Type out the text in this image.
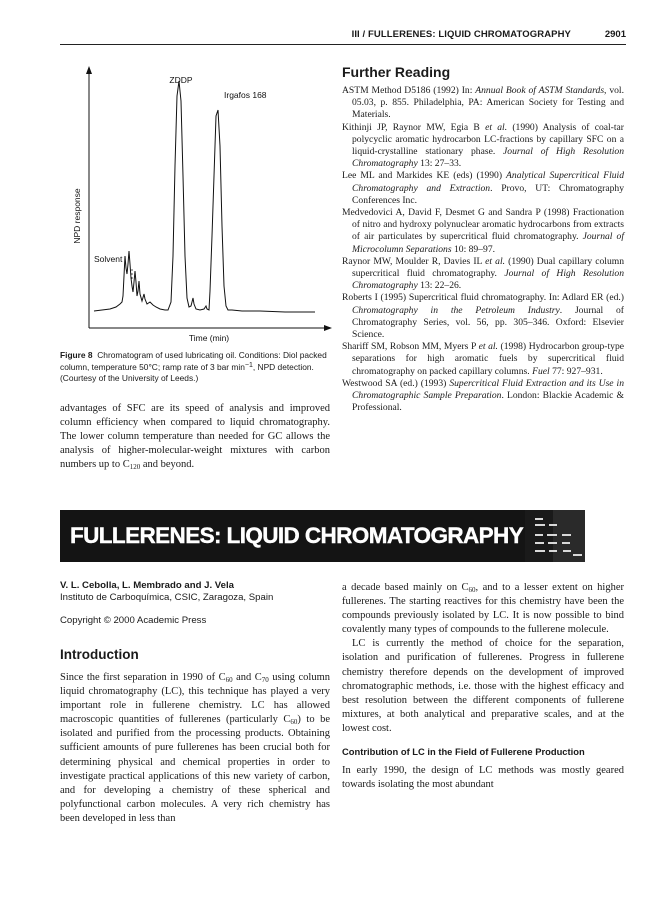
III / FULLERENES: LIQUID CHROMATOGRAPHY	2901
ZDDP
Irgafos 168
Solvent
Time (min)
NPD response
Figure 8 Chromatogram of used lubricating oil. Conditions: Diol packed column, temperature 50°C; ramp rate of 3 bar $\min^{-1}$, NPD detection. (Courtesy of the University of Leeds.)

advantages of SFC are its speed of analysis and improved column efficiency when compared to liquid chromatography. The lower column temperature than needed for GC allows the analysis of higher-molecular-weight mixtures with carbon numbers up to $C_{120}$ and beyond.

Further Reading
ASTM Method D5186 (1992) In: Annual Book of ASTM Standards, vol. 05.03, p. 855. Philadelphia, PA: American Society for Testing and Materials.
Kithinji JP, Raynor MW, Egia B et al. (1990) Analysis of coal-tar polycyclic aromatic hydrocarbon LC-fractions by capillary SFC on a liquid-crystalline stationary phase. Journal of High Resolution Chromatography 13: 27–33.
Lee ML and Markides KE (eds) (1990) Analytical Supercritical Fluid Chromatography and Extraction. Provo, UT: Chromatography Conferences Inc.
Medvedovici A, David F, Desmet G and Sandra P (1998) Fractionation of nitro and hydroxy polynuclear aromatic hydrocarbons from extracts of air particulates by supercritical fluid chromatography. Journal of Microcolumn Separations 10: 89–97.
Raynor MW, Moulder R, Davies IL et al. (1990) Dual capillary column supercritical fluid chromatography. Journal of High Resolution Chromatography 13: 22–26.
Roberts I (1995) Supercritical fluid chromatography. In: Adlard ER (ed.) Chromatography in the Petroleum Industry. Journal of Chromatography Series, vol. 56, pp. 305–346. Oxford: Elsevier Science.
Shariff SM, Robson MM, Myers P et al. (1998) Hydrocarbon group-type separations for high aromatic fuels by supercritical fluid chromatography on packed capillary columns. Fuel 77: 927–931.
Westwood SA (ed.) (1993) Supercritical Fluid Extraction and its Use in Chromatographic Sample Preparation. London: Blackie Academic & Professional.
FULLERENES: LIQUID CHROMATOGRAPHY
V. L. Cebolla, L. Membrado and J. Vela
Instituto de Carboquímica, CSIC, Zaragoza, Spain
Copyright © 2000 Academic Press
Introduction

Since the first separation in 1990 of $C_{60}$ and $C_{70}$ using column liquid chromatography (LC), this technique has played a very important role in fullerene chemistry. LC has allowed macroscopic quantities of fullerenes (particularly $C_{60}$) to be isolated and purified from the processing products. Obtaining sufficient amounts of pure fullerenes has been crucial both for determining physical and chemical properties in order to investigate practical applications of this new variety of carbon, and for developing a chemistry of these spherical and polyfunctional carbon molecules. A very rich chemistry has been developed in less than

a decade based mainly on $C_{60}$, and to a lesser extent on higher fullerenes. The starting reactives for this chemistry have been the compounds previously isolated by LC. It is now possible to bind covalently many types of compounds to the fullerene molecule.

LC is currently the method of choice for the separation, isolation and purification of fullerenes. Progress in fullerene chemistry therefore depends on the development of improved chromatographic methods, i.e. those with the highest efficacy and best resolution between the different components of fullerene mixtures, at both analytical and preparative scales, and at the lowest cost.

Contribution of LC in the Field of Fullerene Production

In early 1990, the design of LC methods was mostly geared towards isolating the most abundant
